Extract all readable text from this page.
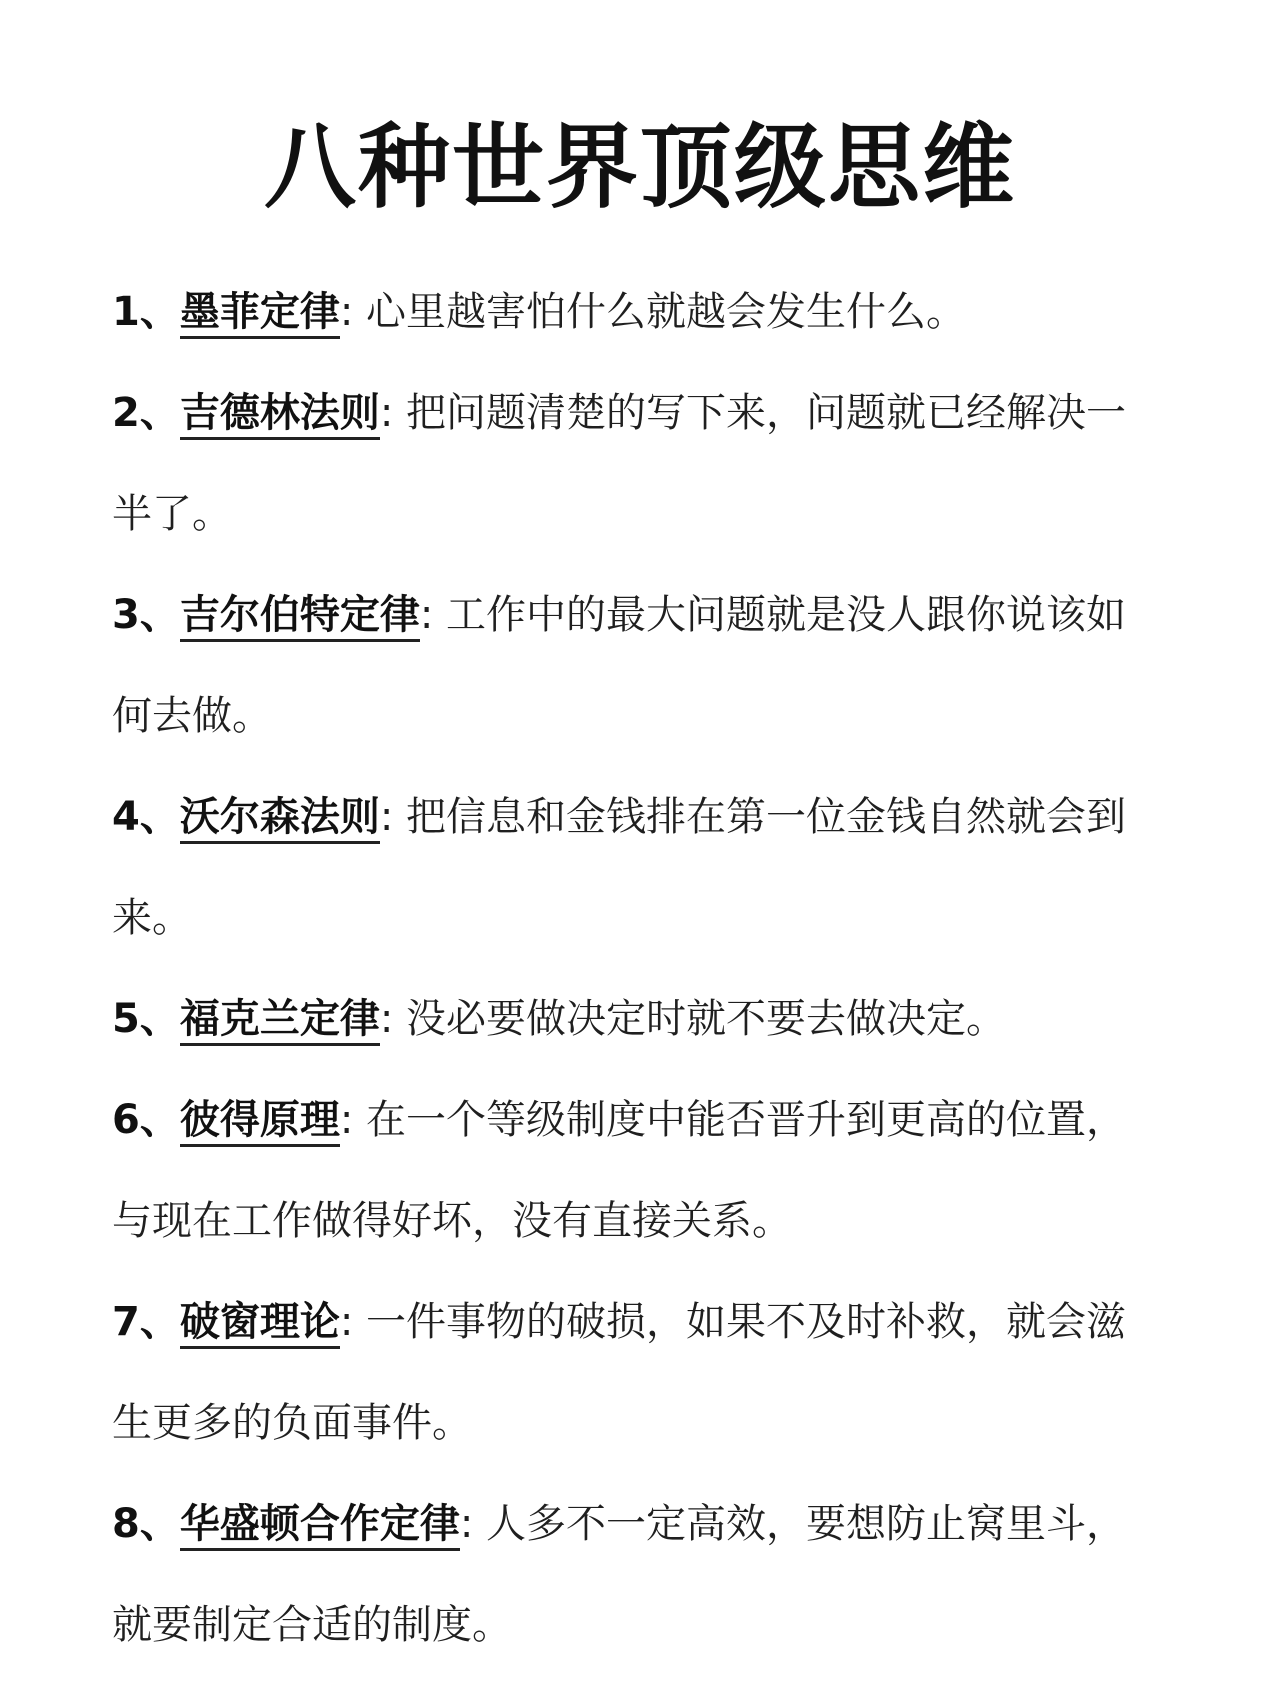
八种世界顶级思维
1、墨菲定律: 心里越害怕什么就越会发生什么。
2、吉德林法则: 把问题清楚的写下来，问题就已经解决一半了。
3、吉尔伯特定律: 工作中的最大问题就是没人跟你说该如何去做。
4、沃尔森法则: 把信息和金钱排在第一位金钱自然就会到来。
5、福克兰定律: 没必要做决定时就不要去做决定。
6、彼得原理: 在一个等级制度中能否晋升到更高的位置，与现在工作做得好坏，没有直接关系。
7、破窗理论: 一件事物的破损，如果不及时补救，就会滋生更多的负面事件。
8、华盛顿合作定律: 人多不一定高效，要想防止窝里斗，就要制定合适的制度。
